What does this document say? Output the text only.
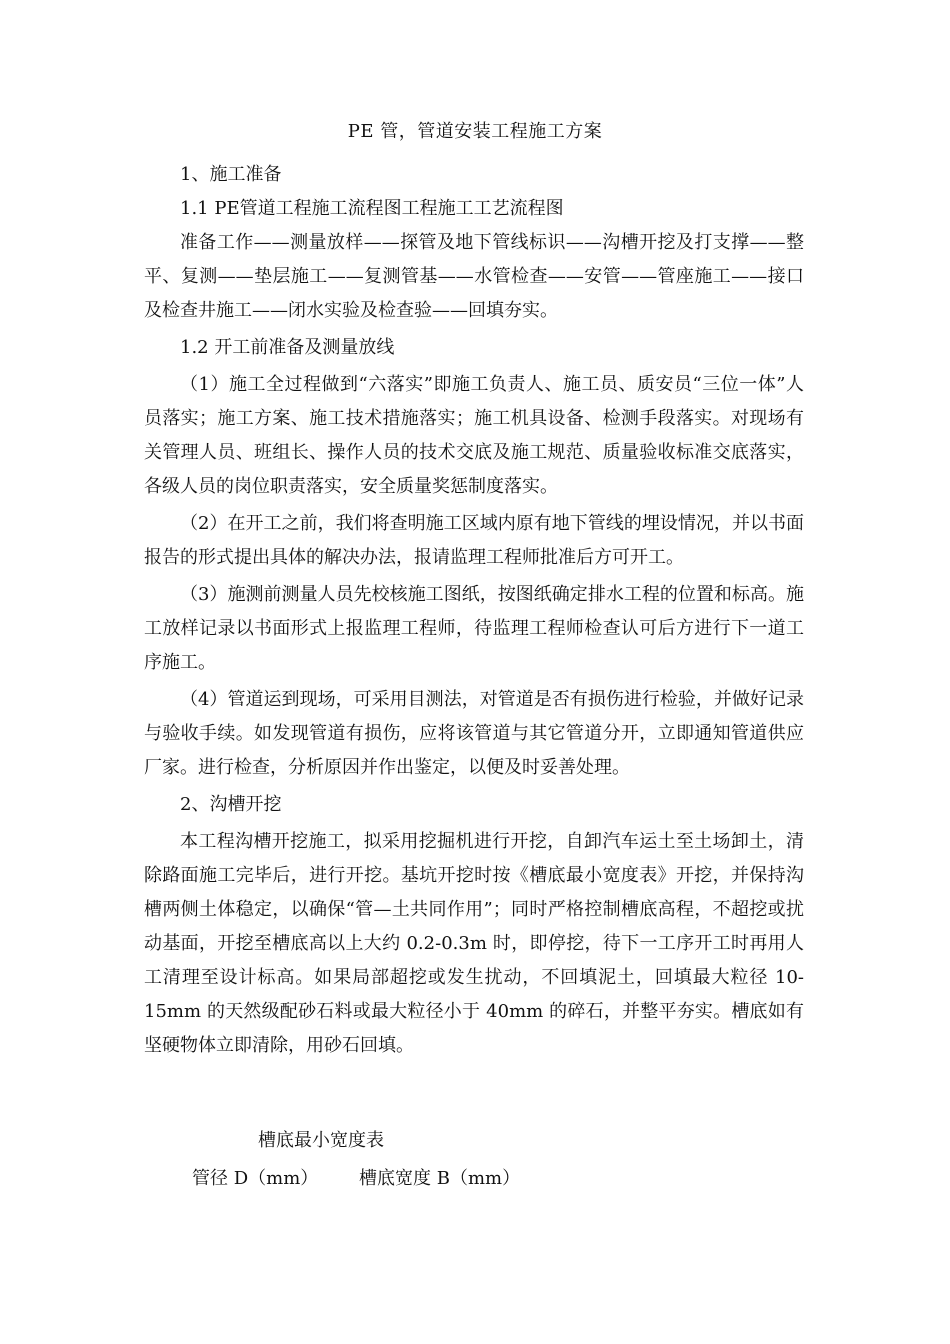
PE 管，管道安装工程施工方案

1、施工准备

1.1 PE管道工程施工流程图工程施工工艺流程图

准备工作——测量放样——探管及地下管线标识——沟槽开挖及打支撑——整平、复测——垫层施工——复测管基——水管检查——安管——管座施工——接口及检查井施工——闭水实验及检查验——回填夯实。

1.2 开工前准备及测量放线

（1）施工全过程做到“六落实”即施工负责人、施工员、质安员“三位一体”人员落实；施工方案、施工技术措施落实；施工机具设备、检测手段落实。对现场有关管理人员、班组长、操作人员的技术交底及施工规范、质量验收标准交底落实，各级人员的岗位职责落实，安全质量奖惩制度落实。

（2）在开工之前，我们将查明施工区域内原有地下管线的埋设情况，并以书面报告的形式提出具体的解决办法，报请监理工程师批准后方可开工。

（3）施测前测量人员先校核施工图纸，按图纸确定排水工程的位置和标高。施工放样记录以书面形式上报监理工程师，待监理工程师检查认可后方进行下一道工序施工。

（4）管道运到现场，可采用目测法，对管道是否有损伤进行检验，并做好记录与验收手续。如发现管道有损伤，应将该管道与其它管道分开，立即通知管道供应厂家。进行检查，分析原因并作出鉴定，以便及时妥善处理。

2、沟槽开挖

本工程沟槽开挖施工，拟采用挖掘机进行开挖，自卸汽车运土至土场卸土，清除路面施工完毕后，进行开挖。基坑开挖时按《槽底最小宽度表》开挖，并保持沟槽两侧土体稳定，以确保“管—土共同作用”；同时严格控制槽底高程，不超挖或扰动基面，开挖至槽底高以上大约 0.2-0.3m 时，即停挖，待下一工序开工时再用人工清理至设计标高。如果局部超挖或发生扰动，不回填泥土，回填最大粒径 10-15mm 的天然级配砂石料或最大粒径小于 40mm 的碎石，并整平夯实。槽底如有坚硬物体立即清除，用砂石回填。

槽底最小宽度表
管径 D（mm） 槽底宽度 B（mm）
